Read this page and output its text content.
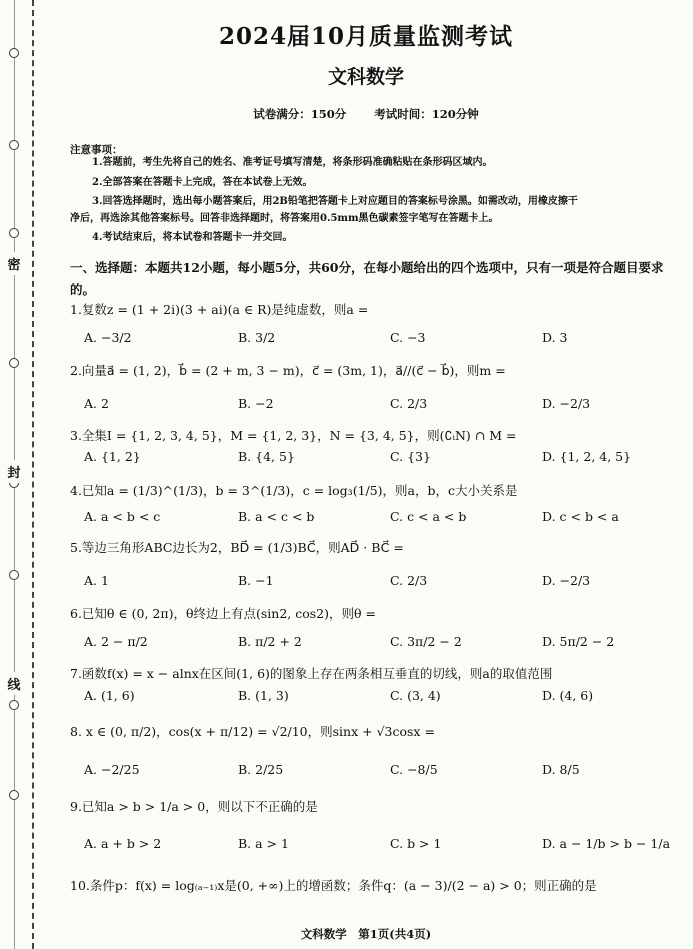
密
封
线
2024届10月质量监测考试
文科数学
试卷满分：150分 考试时间：120分钟
注意事项：
1.答题前，考生先将自己的姓名、准考证号填写清楚，将条形码准确粘贴在条形码区域内。
2.全部答案在答题卡上完成，答在本试卷上无效。
3.回答选择题时，选出每小题答案后，用2B铅笔把答题卡上对应题目的答案标号涂黑。如需改动，用橡皮擦干
净后，再选涂其他答案标号。回答非选择题时，将答案用0.5mm黑色碳素签字笔写在答题卡上。
4.考试结束后，将本试卷和答题卡一并交回。
一、选择题：本题共12小题，每小题5分，共60分，在每小题给出的四个选项中，只有一项是符合题目要求的。
1.复数z = (1 + 2i)(3 + ai)(a ∈ R)是纯虚数，则a =
A. −3/2	B. 3/2	C. −3	D. 3
2.向量a⃗ = (1, 2)，b⃗ = (2 + m, 3 − m)，c⃗ = (3m, 1)，a⃗//(c⃗ − b⃗)，则m =
A. 2	B. −2	C. 2/3	D. −2/3
3.全集I = {1, 2, 3, 4, 5}，M = {1, 2, 3}，N = {3, 4, 5}，则(∁ᵢN) ∩ M =
A. {1, 2}	B. {4, 5}	C. {3}	D. {1, 2, 4, 5}
4.已知a = (1/3)^(1/3)，b = 3^(1/3)，c = log₃(1/5)，则a，b，c大小关系是
A. a < b < c	B. a < c < b	C. c < a < b	D. c < b < a
5.等边三角形ABC边长为2，BD⃗ = (1/3)BC⃗，则AD⃗ · BC⃗ =
A. 1	B. −1	C. 2/3	D. −2/3
6.已知θ ∈ (0, 2π)，θ终边上有点(sin2, cos2)，则θ =
A. 2 − π/2	B. π/2 + 2	C. 3π/2 − 2	D. 5π/2 − 2
7.函数f(x) = x − alnx在区间(1, 6)的图象上存在两条相互垂直的切线，则a的取值范围
A. (1, 6)	B. (1, 3)	C. (3, 4)	D. (4, 6)
8. x ∈ (0, π/2)，cos(x + π/12) = √2/10，则sinx + √3cosx =
A. −2/25	B. 2/25	C. −8/5	D. 8/5
9.已知a > b > 1/a > 0，则以下不正确的是
A. a + b > 2	B. a > 1	C. b > 1	D. a − 1/b > b − 1/a
10.条件p：f(x) = log₍ₐ₋₁₎x是(0, +∞)上的增函数；条件q：(a − 3)/(2 − a) > 0；则正确的是
文科数学　第1页(共4页)
